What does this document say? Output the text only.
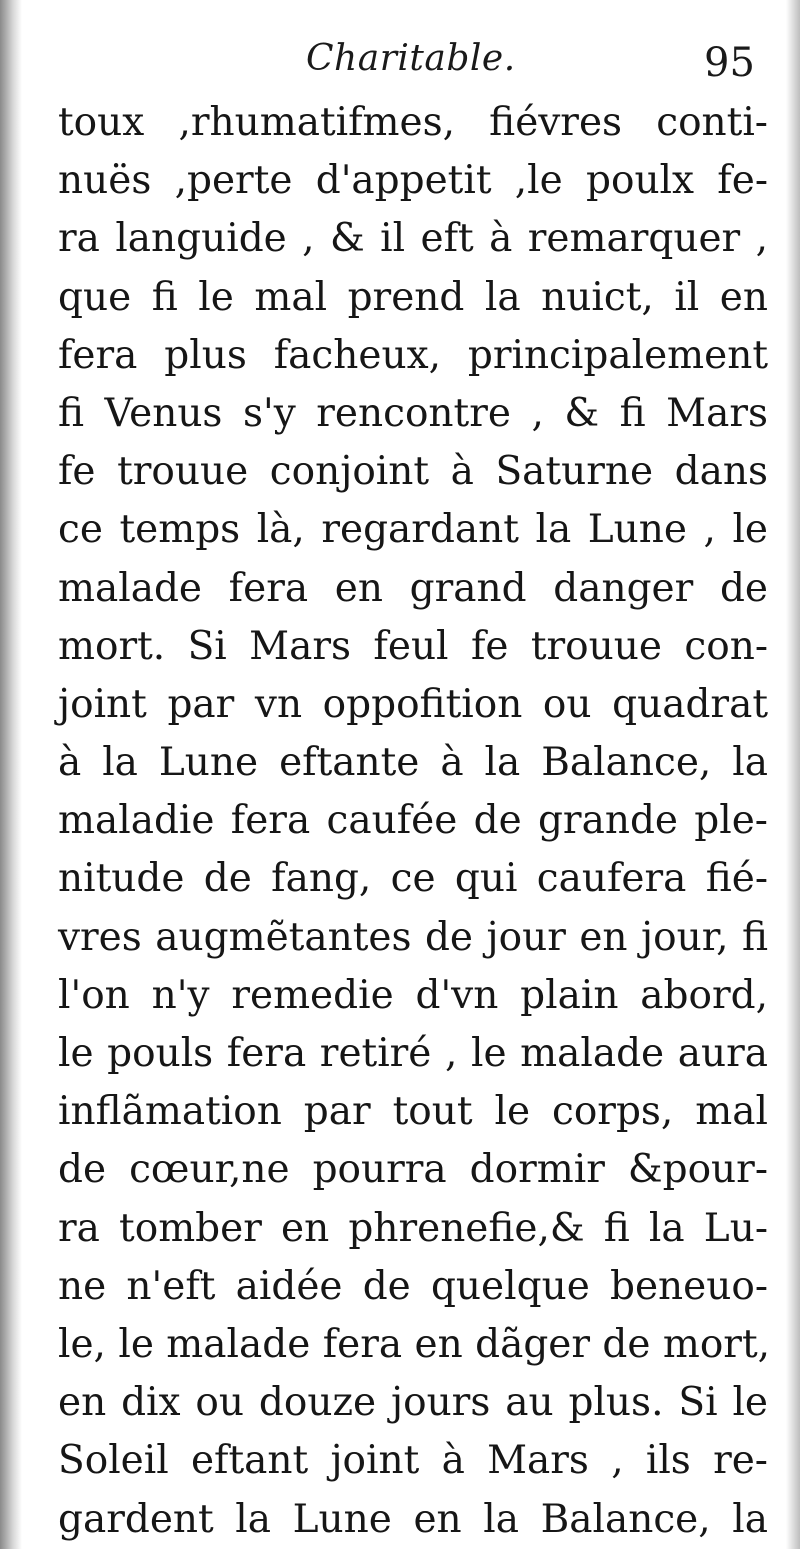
Charitable.	95
toux ,rhumatifmes, fiévres conti-
nuës ,perte d'appetit ,le poulx fe-
ra languide , & il eft à remarquer ,
que fi le mal prend la nuict, il en
fera plus facheux, principalement
fi Venus s'y rencontre , & fi Mars
fe trouue conjoint à Saturne dans
ce temps là, regardant la Lune , le
malade fera en grand danger de
mort. Si Mars feul fe trouue con-
joint par vn oppofition ou quadrat
à la Lune eftante à la Balance, la
maladie fera caufée de grande ple-
nitude de fang, ce qui caufera fié-
vres augmẽtantes de jour en jour, fi
l'on n'y remedie d'vn plain abord,
le pouls fera retiré , le malade aura
inflãmation par tout le corps, mal
de cœur,ne pourra dormir &pour-
ra tomber en phrenefie,& fi la Lu-
ne n'eft aidée de quelque beneuo-
le, le malade fera en dãger de mort,
en dix ou douze jours au plus. Si le
Soleil eftant joint à Mars , ils re-
gardent la Lune en la Balance, la
